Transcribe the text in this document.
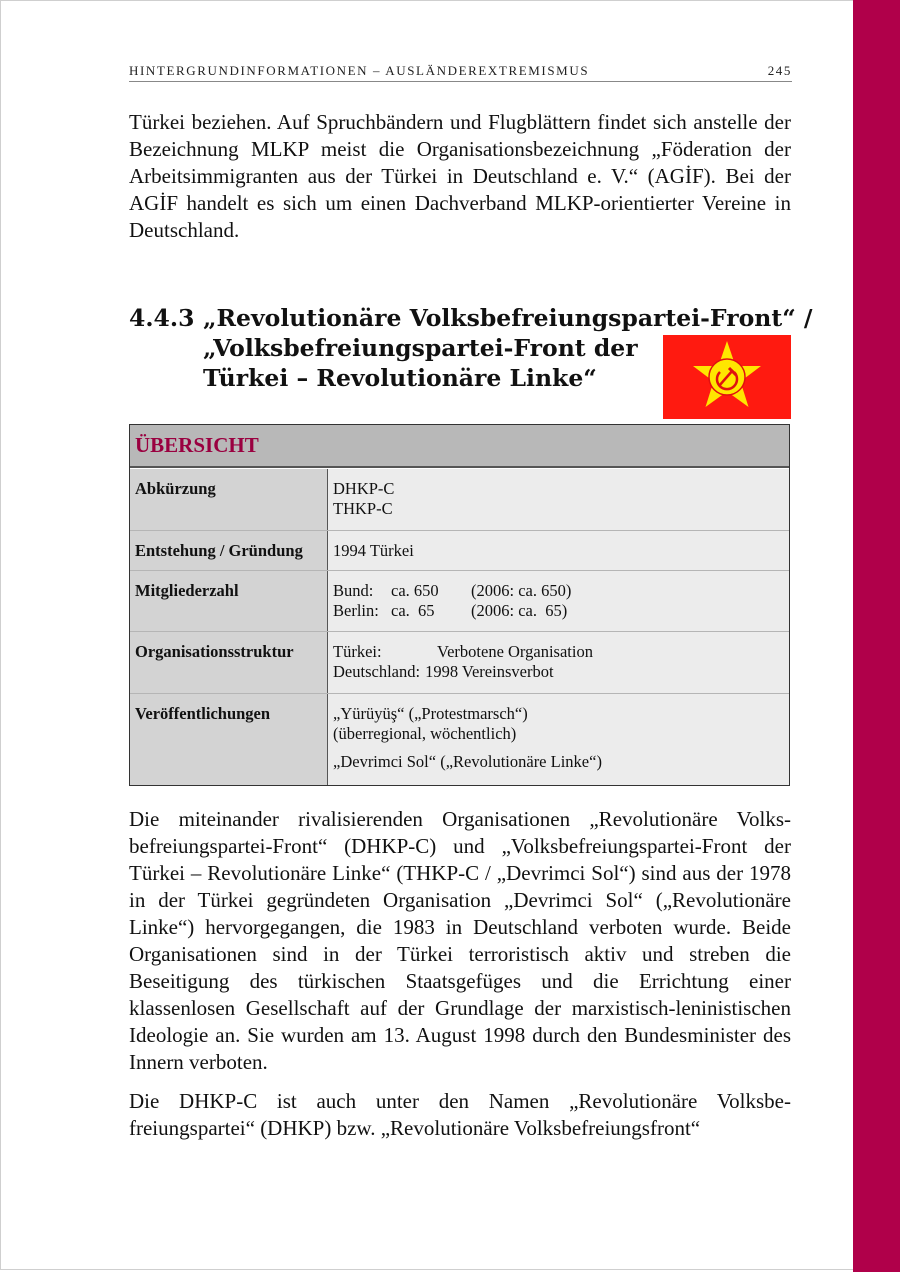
HINTERGRUNDINFORMATIONEN – AUSLÄNDEREXTREMISMUS	245

Türkei beziehen. Auf Spruchbändern und Flugblättern findet sich anstelle der Bezeichnung MLKP meist die Organisationsbezeichnung „Föderation der Arbeitsimmigranten aus der Türkei in Deutschland e. V.“ (AGİF). Bei der AGİF handelt es sich um einen Dachverband MLKP-orientierter Vereine in Deutschland.

4.4.3 „Revolutionäre Volksbefreiungspartei-Front“ /
„Volksbefreiungspartei-Front der
Türkei – Revolutionäre Linke“
ÜBERSICHT
Abkürzung	DHKP-C
THKP-C
Entstehung / Gründung	1994 Türkei
Mitgliederzahl	Bund:	ca. 650	(2006: ca. 650)
Berlin: ca.  65	(2006: ca.  65)
Organisationsstruktur	Türkei:	Verbotene Organisation
Deutschland: 1998 Vereinsverbot
Veröffentlichungen	„Yürüyüş“ („Protestmarsch“)
(überregional, wöchentlich)
„Devrimci Sol“ („Revolutionäre Linke“)

Die miteinander rivalisierenden Organisationen „Revolutionäre Volksbefreiungspartei-Front“ (DHKP-C) und „Volksbefreiungspartei-Front der Türkei – Revolutionäre Linke“ (THKP-C / „Devrimci Sol“) sind aus der 1978 in der Türkei gegründeten Organisation „Devrimci Sol“ („Revolutionäre Linke“) hervorgegangen, die 1983 in Deutschland verboten wurde. Beide Organisationen sind in der Türkei terroristisch aktiv und streben die Beseitigung des türkischen Staatsgefüges und die Errichtung einer klassenlosen Gesellschaft auf der Grundlage der marxistisch-leninistischen Ideologie an. Sie wurden am 13. August 1998 durch den Bundesminister des Innern verboten.

Die DHKP-C ist auch unter den Namen „Revolutionäre Volksbefreiungspartei“ (DHKP) bzw. „Revolutionäre Volksbefreiungsfront“
